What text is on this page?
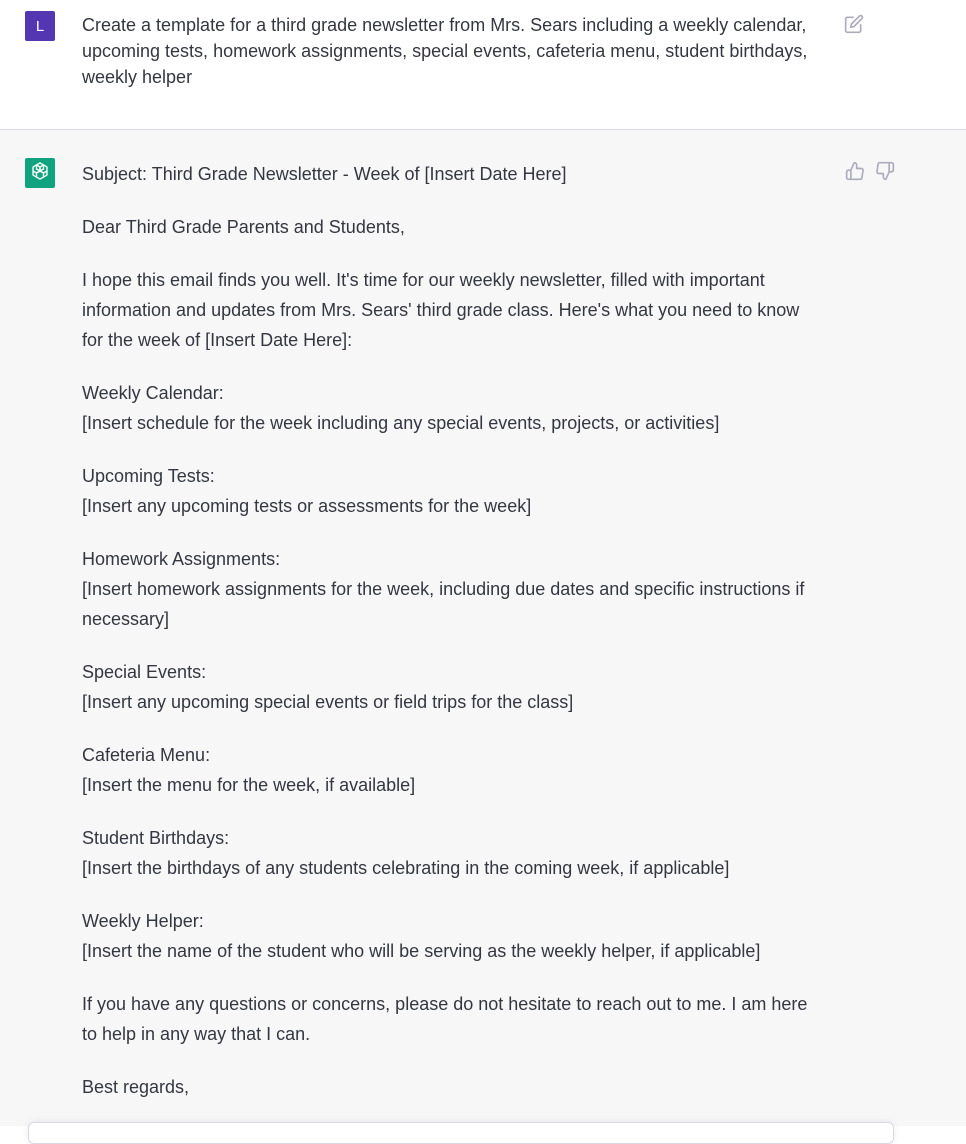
L Create a template for a third grade newsletter from Mrs. Sears including a weekly calendar, upcoming tests, homework assignments, special events, cafeteria menu, student birthdays, weekly helper

Subject: Third Grade Newsletter - Week of [Insert Date Here]

Dear Third Grade Parents and Students,

I hope this email finds you well. It's time for our weekly newsletter, filled with important information and updates from Mrs. Sears' third grade class. Here's what you need to know for the week of [Insert Date Here]:

Weekly Calendar:
[Insert schedule for the week including any special events, projects, or activities]

Upcoming Tests:
[Insert any upcoming tests or assessments for the week]

Homework Assignments:
[Insert homework assignments for the week, including due dates and specific instructions if necessary]

Special Events:
[Insert any upcoming special events or field trips for the class]

Cafeteria Menu:
[Insert the menu for the week, if available]

Student Birthdays:
[Insert the birthdays of any students celebrating in the coming week, if applicable]

Weekly Helper:
[Insert the name of the student who will be serving as the weekly helper, if applicable]

If you have any questions or concerns, please do not hesitate to reach out to me. I am here to help in any way that I can.

Best regards,
